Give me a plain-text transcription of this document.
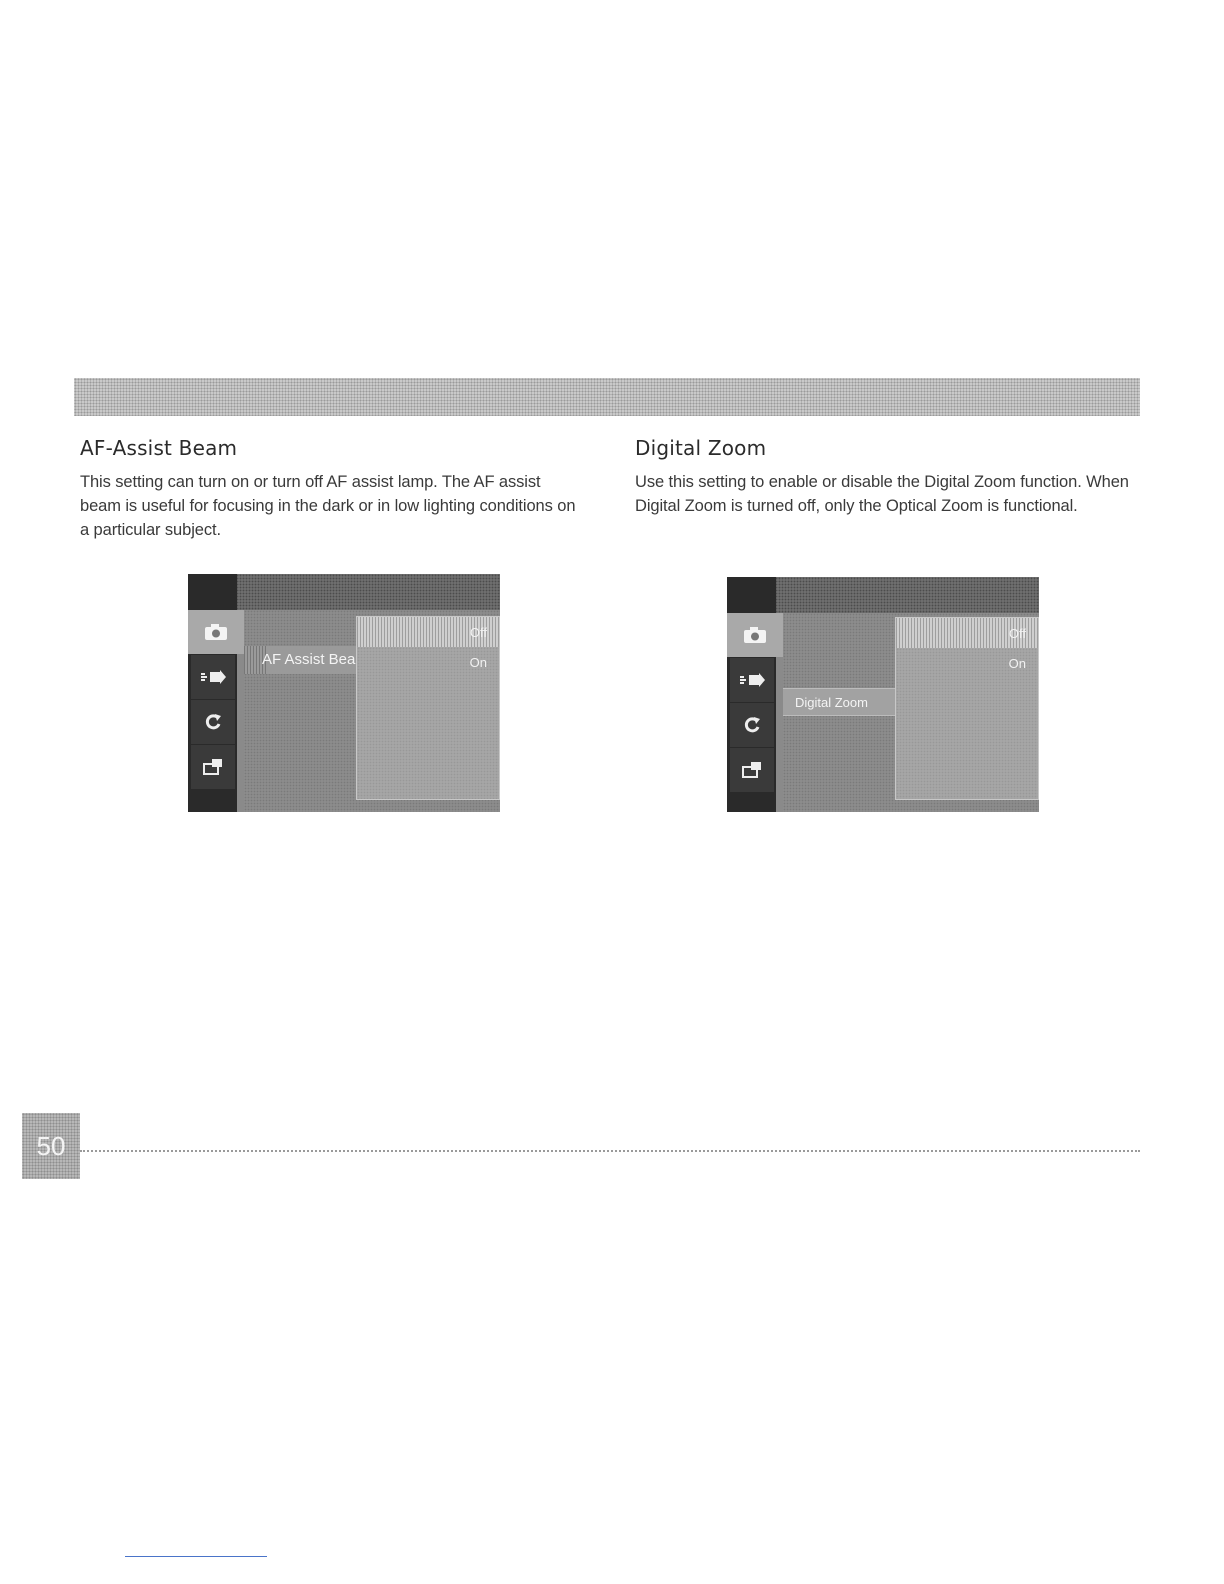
AF-Assist Beam

This setting can turn on or turn off AF assist lamp. The AF assist beam is useful for focusing in the dark or in low lighting conditions on a particular subject.

Digital Zoom

Use this setting to enable or disable the Digital Zoom function. When Digital Zoom is turned off, only the Optical Zoom is functional.

AF Assist Bea
Off
On
Digital Zoom
Off
On
50
